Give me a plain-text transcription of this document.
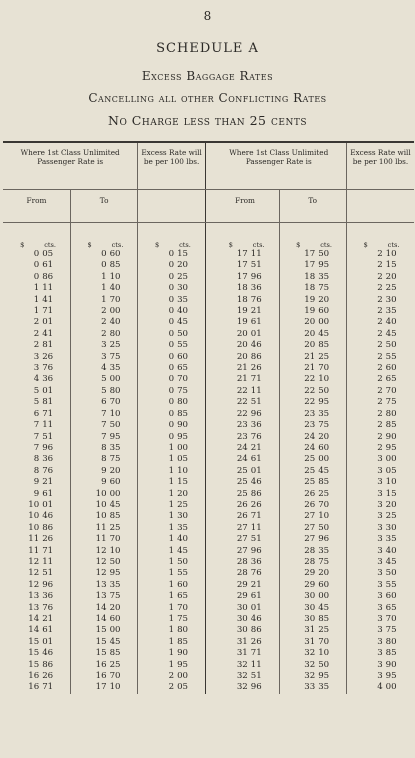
8
SCHEDULE A
Excess Baggage Rates
Cancelling all other Conflicting Rates
No Charge less than 25 cents
Where 1st Class Unlimited Passenger Rate is						Excess Rate will be per 100 lbs.				Where 1st Class Unlimited Passenger Rate is						Excess Rate will be per 100 lbs.		
From			To							From			To					
	$	cts.		$	cts.		$	cts.			$	cts.		$	cts.		$	cts.
	0	05		0	60		0	15			17	11		17	50		2	10
	0	61		0	85		0	20			17	51		17	95		2	15
	0	86		1	10		0	25			17	96		18	35		2	20
	1	11		1	40		0	30			18	36		18	75		2	25
	1	41		1	70		0	35			18	76		19	20		2	30
	1	71		2	00		0	40			19	21		19	60		2	35
	2	01		2	40		0	45			19	61		20	00		2	40
	2	41		2	80		0	50			20	01		20	45		2	45
	2	81		3	25		0	55			20	46		20	85		2	50
	3	26		3	75		0	60			20	86		21	25		2	55
	3	76		4	35		0	65			21	26		21	70		2	60
	4	36		5	00		0	70			21	71		22	10		2	65
	5	01		5	80		0	75			22	11		22	50		2	70
	5	81		6	70		0	80			22	51		22	95		2	75
	6	71		7	10		0	85			22	96		23	35		2	80
	7	11		7	50		0	90			23	36		23	75		2	85
	7	51		7	95		0	95			23	76		24	20		2	90
	7	96		8	35		1	00			24	21		24	60		2	95
	8	36		8	75		1	05			24	61		25	00		3	00
	8	76		9	20		1	10			25	01		25	45		3	05
	9	21		9	60		1	15			25	46		25	85		3	10
	9	61		10	00		1	20			25	86		26	25		3	15
	10	01		10	45		1	25			26	26		26	70		3	20
	10	46		10	85		1	30			26	71		27	10		3	25
	10	86		11	25		1	35			27	11		27	50		3	30
	11	26		11	70		1	40			27	51		27	96		3	35
	11	71		12	10		1	45			27	96		28	35		3	40
	12	11		12	50		1	50			28	36		28	75		3	45
	12	51		12	95		1	55			28	76		29	20		3	50
	12	96		13	35		1	60			29	21		29	60		3	55
	13	36		13	75		1	65			29	61		30	00		3	60
	13	76		14	20		1	70			30	01		30	45		3	65
	14	21		14	60		1	75			30	46		30	85		3	70
	14	61		15	00		1	80			30	86		31	25		3	75
	15	01		15	45		1	85			31	26		31	70		3	80
	15	46		15	85		1	90			31	71		32	10		3	85
	15	86		16	25		1	95			32	11		32	50		3	90
	16	26		16	70		2	00			32	51		32	95		3	95
	16	71		17	10		2	05			32	96		33	35		4	00
